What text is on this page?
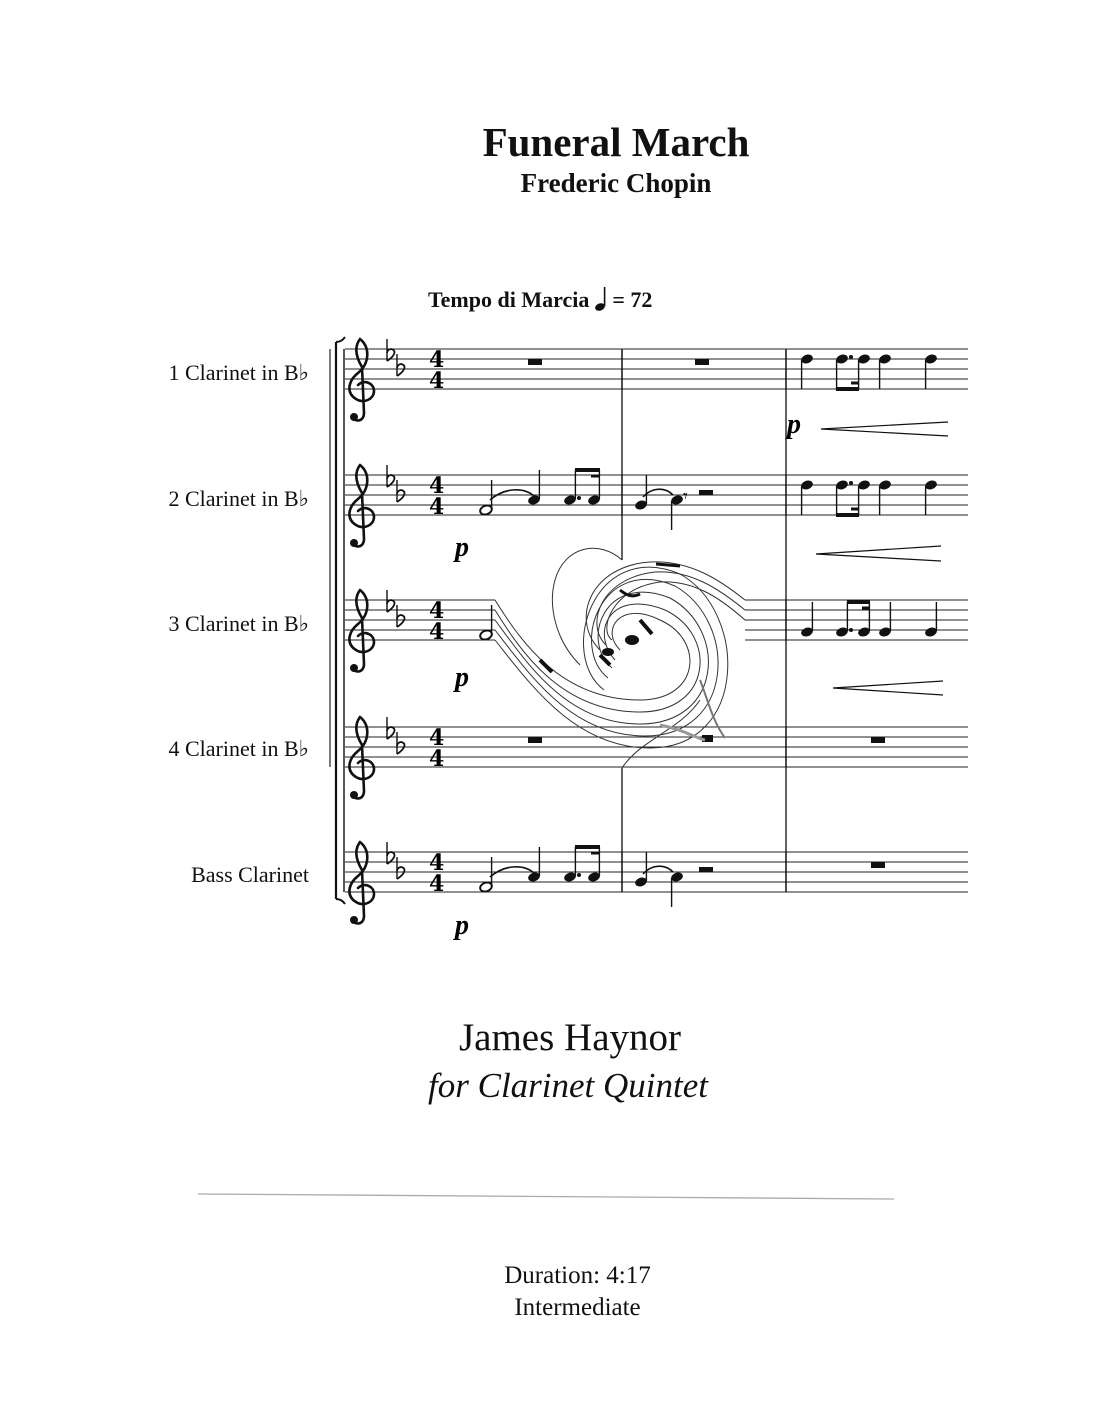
Funeral March
Frederic Chopin
Tempo di Marcia = 72
1 Clarinet in B♭
2 Clarinet in B♭
3 Clarinet in B♭
4 Clarinet in B♭
Bass Clarinet
4
4
p
4
4	𝄾
p
4
4
p
4
4
4
4
p
James Haynor
for Clarinet Quintet
Duration: 4:17
Intermediate
